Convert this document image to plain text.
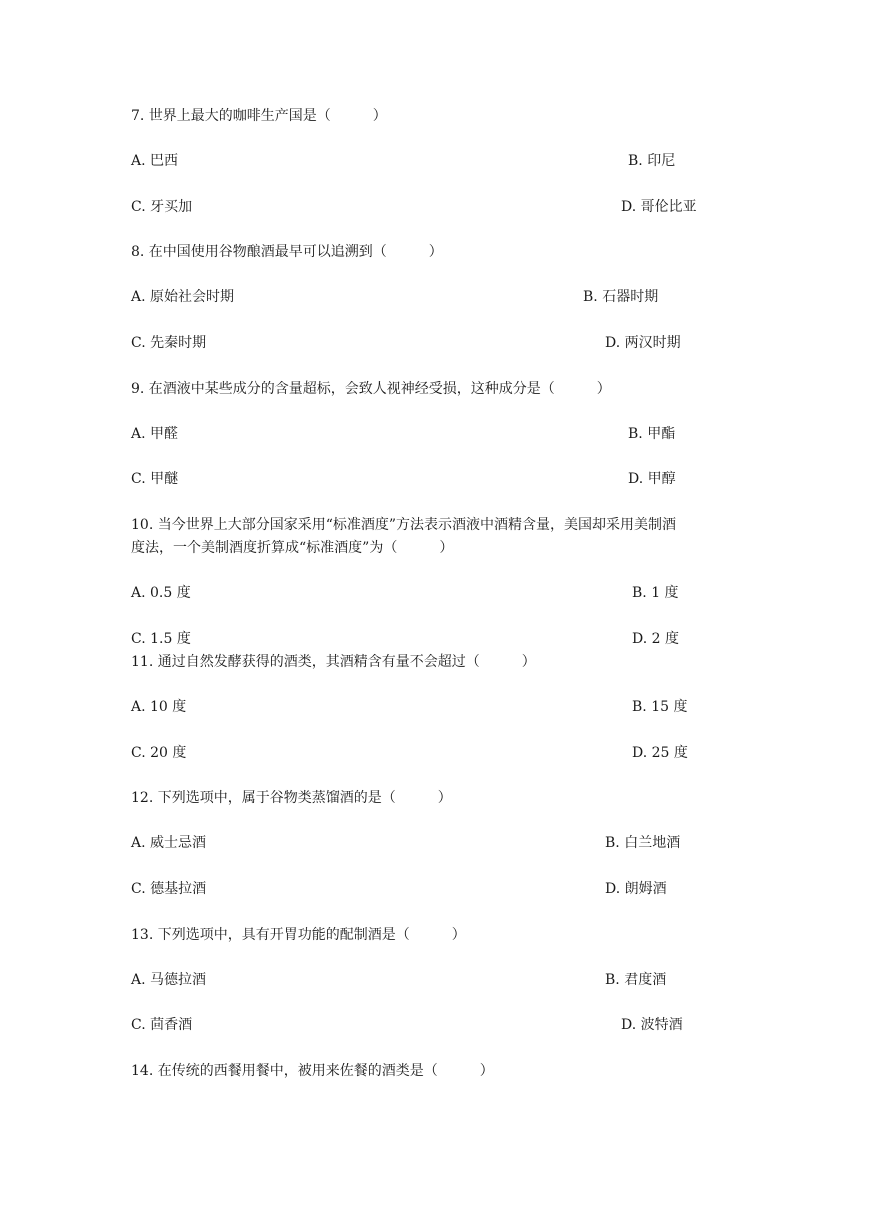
7. 世界上最大的咖啡生产国是（　　　）
A. 巴西	B. 印尼
C. 牙买加	D. 哥伦比亚
8. 在中国使用谷物酿酒最早可以追溯到（　　　）
A. 原始社会时期	B. 石器时期
C. 先秦时期	D. 两汉时期
9. 在酒液中某些成分的含量超标，会致人视神经受损，这种成分是（　　　）
A. 甲醛	B. 甲酯
C. 甲醚	D. 甲醇
10. 当今世界上大部分国家采用“标准酒度”方法表示酒液中酒精含量，美国却采用美制酒
度法，一个美制酒度折算成“标准酒度”为（　　　）
A. 0.5 度	B. 1 度
C. 1.5 度	D. 2 度
11. 通过自然发酵获得的酒类，其酒精含有量不会超过（　　　）
A. 10 度	B. 15 度
C. 20 度	D. 25 度
12. 下列选项中，属于谷物类蒸馏酒的是（　　　）
A. 威士忌酒	B. 白兰地酒
C. 德基拉酒	D. 朗姆酒
13. 下列选项中，具有开胃功能的配制酒是（　　　）
A. 马德拉酒	B. 君度酒
C. 茴香酒	D. 波特酒
14. 在传统的西餐用餐中，被用来佐餐的酒类是（　　　）
